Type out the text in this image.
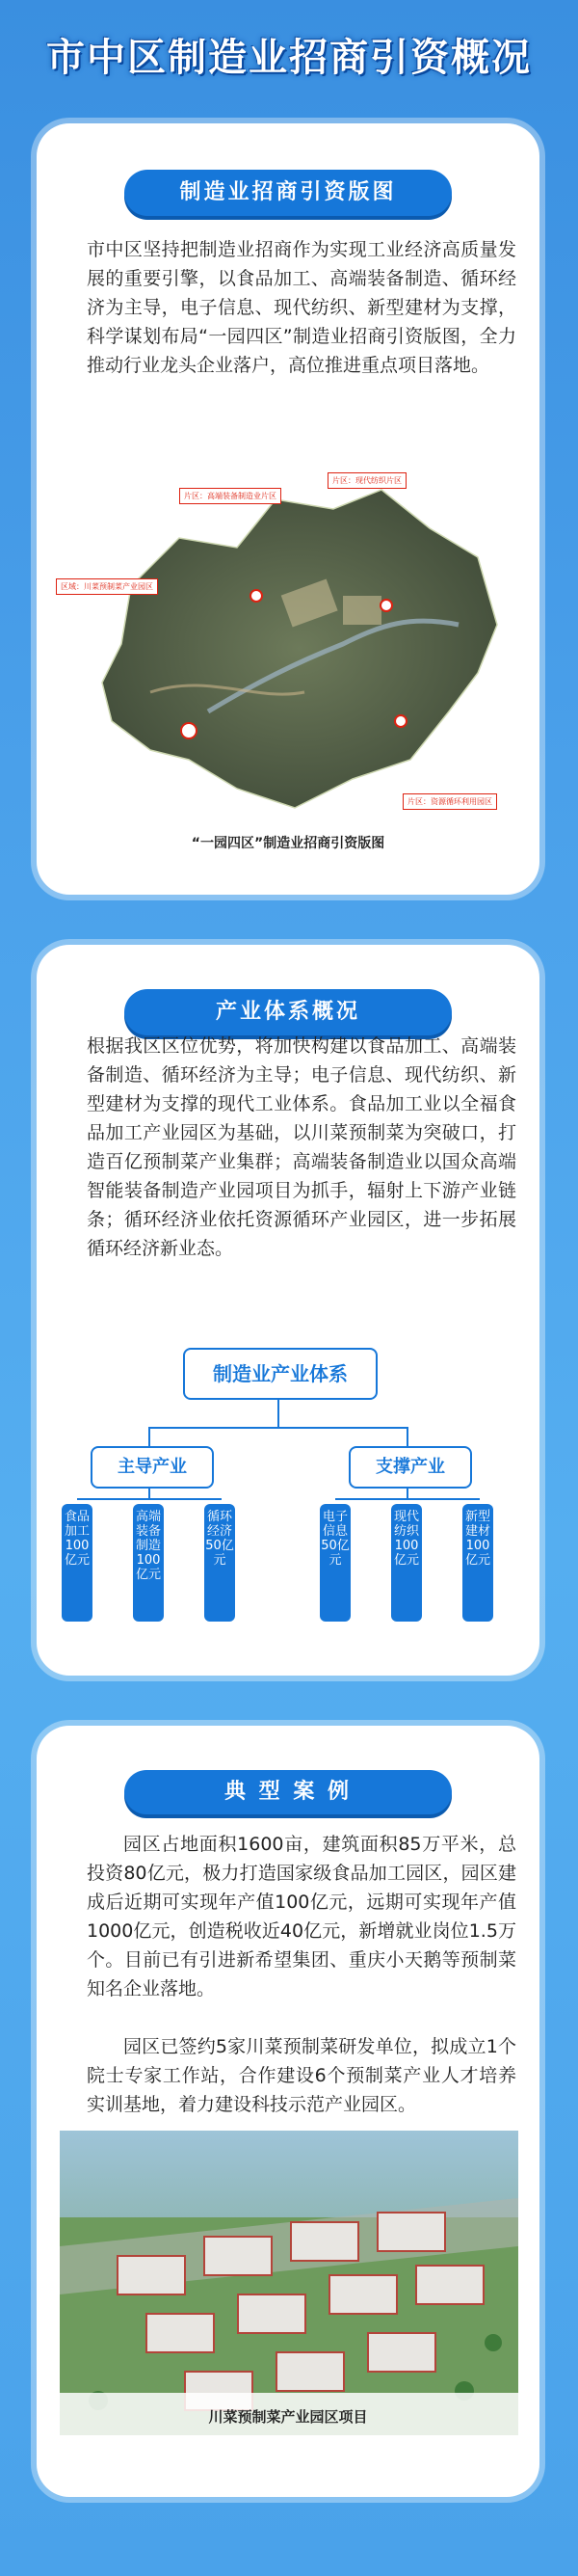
市中区制造业招商引资概况
制造业招商引资版图

市中区坚持把制造业招商作为实现工业经济高质量发展的重要引擎，以食品加工、高端装备制造、循环经济为主导，电子信息、现代纺织、新型建材为支撑，科学谋划布局“一园四区”制造业招商引资版图，全力推动行业龙头企业落户，高位推进重点项目落地。

区域：川菜预制菜产业园区
片区：高端装备制造业片区
片区：现代纺织片区
片区：资源循环利用园区
“一园四区”制造业招商引资版图
产业体系概况

根据我区区位优势，将加快构建以食品加工、高端装备制造、循环经济为主导；电子信息、现代纺织、新型建材为支撑的现代工业体系。食品加工业以全福食品加工产业园区为基础，以川菜预制菜为突破口，打造百亿预制菜产业集群；高端装备制造业以国众高端智能装备制造产业园项目为抓手，辐射上下游产业链条；循环经济业依托资源循环产业园区，进一步拓展循环经济新业态。

制造业产业体系
主导产业	支撑产业
食品加工100亿元
高端装备制造100亿元
循环经济50亿元
电子信息50亿元
现代纺织100亿元
新型建材100亿元
典 型 案 例

园区占地面积1600亩，建筑面积85万平米，总投资80亿元，极力打造国家级食品加工园区，园区建成后近期可实现年产值100亿元，远期可实现年产值1000亿元，创造税收近40亿元，新增就业岗位1.5万个。目前已有引进新希望集团、重庆小天鹅等预制菜知名企业落地。

园区已签约5家川菜预制菜研发单位，拟成立1个院士专家工作站，合作建设6个预制菜产业人才培养实训基地，着力建设科技示范产业园区。

川菜预制菜产业园区项目
